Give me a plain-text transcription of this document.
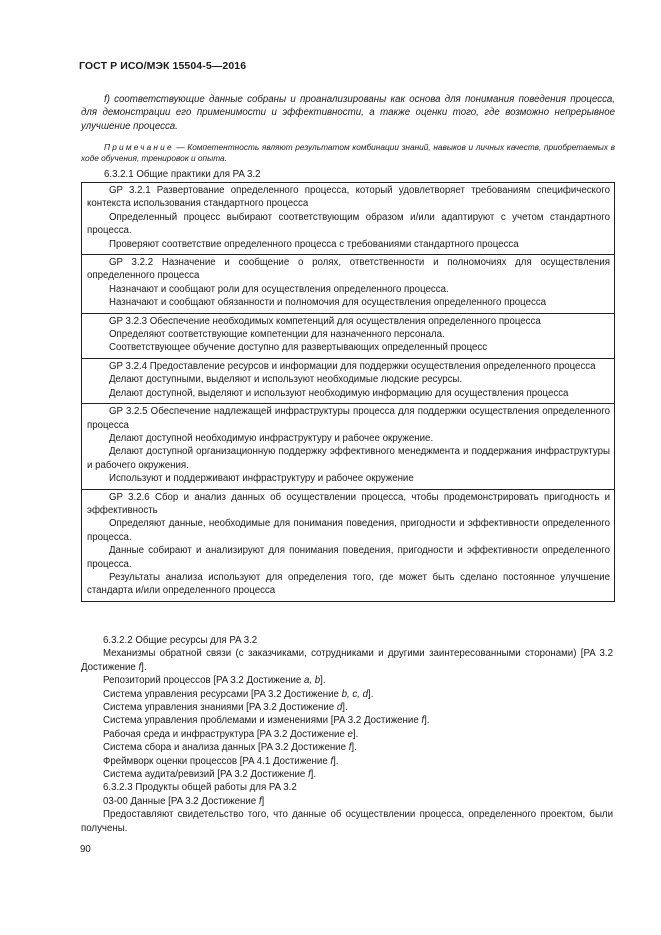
ГОСТ Р ИСО/МЭК 15504-5—2016

f) соответствующие данные собраны и проанализированы как основа для понимания поведения процесса, для демонстрации его применимости и эффективности, а также оценки того, где возможно непрерывное улучшение процесса.

Примечание — Компетентность являют результатом комбинации знаний, навыков и личных качеств, приобретаемых в ходе обучения, тренировок и опыта.

6.3.2.1 Общие практики для PA 3.2

GP 3.2.1 Развертование определенного процесса, который удовлетворяет требованиям специфического контекста использования стандартного процесса

Определенный процесс выбирают соответствующим образом и/или адаптируют с учетом стандартного процесса.

Проверяют соответствие определенного процесса с требованиями стандартного процесса

GP 3.2.2 Назначение и сообщение о ролях, ответственности и полномочиях для осуществления определенного процесса

Назначают и сообщают роли для осуществления определенного процесса.

Назначают и сообщают обязанности и полномочия для осуществления определенного процесса

GP 3.2.3 Обеспечение необходимых компетенций для осуществления определенного процесса

Определяют соответствующие компетенции для назначенного персонала.

Соответствующее обучение доступно для развертывающих определенный процесс

GP 3.2.4 Предоставление ресурсов и информации для поддержки осуществления определенного процесса

Делают доступными, выделяют и используют необходимые людские ресурсы.

Делают доступной, выделяют и используют необходимую информацию для осуществления процесса

GP 3.2.5 Обеспечение надлежащей инфраструктуры процесса для поддержки осуществления определенного процесса

Делают доступной необходимую инфраструктуру и рабочее окружение.

Делают доступной организационную поддержку эффективного менеджмента и поддержания инфраструктуры и рабочего окружения.

Используют и поддерживают инфраструктуру и рабочее окружение

GP 3.2.6 Сбор и анализ данных об осуществлении процесса, чтобы продемонстрировать пригодность и эффективность

Определяют данные, необходимые для понимания поведения, пригодности и эффективности определенного процесса.

Данные собирают и анализируют для понимания поведения, пригодности и эффективности определенного процесса.

Результаты анализа используют для определения того, где может быть сделано постоянное улучшение стандарта и/или определенного процесса

6.3.2.2 Общие ресурсы для PA 3.2

Механизмы обратной связи (с заказчиками, сотрудниками и другими заинтересованными сторонами) [PA 3.2 Достижение f].

Репозиторий процессов [PA 3.2 Достижение a, b].

Система управления ресурсами [PA 3.2 Достижение b, c, d].

Система управления знаниями [PA 3.2 Достижение d].

Система управления проблемами и изменениями [PA 3.2 Достижение f].

Рабочая среда и инфраструктура [PA 3.2 Достижение e].

Система сбора и анализа данных [PA 3.2 Достижение f].

Фреймворк оценки процессов [PA 4.1 Достижение f].

Система аудита/ревизий [PA 3.2 Достижение f].

6.3.2.3 Продукты общей работы для PA 3.2

03-00 Данные [PA 3.2 Достижение f]

Предоставляют свидетельство того, что данные об осуществлении процесса, определенного проектом, были получены.

90
